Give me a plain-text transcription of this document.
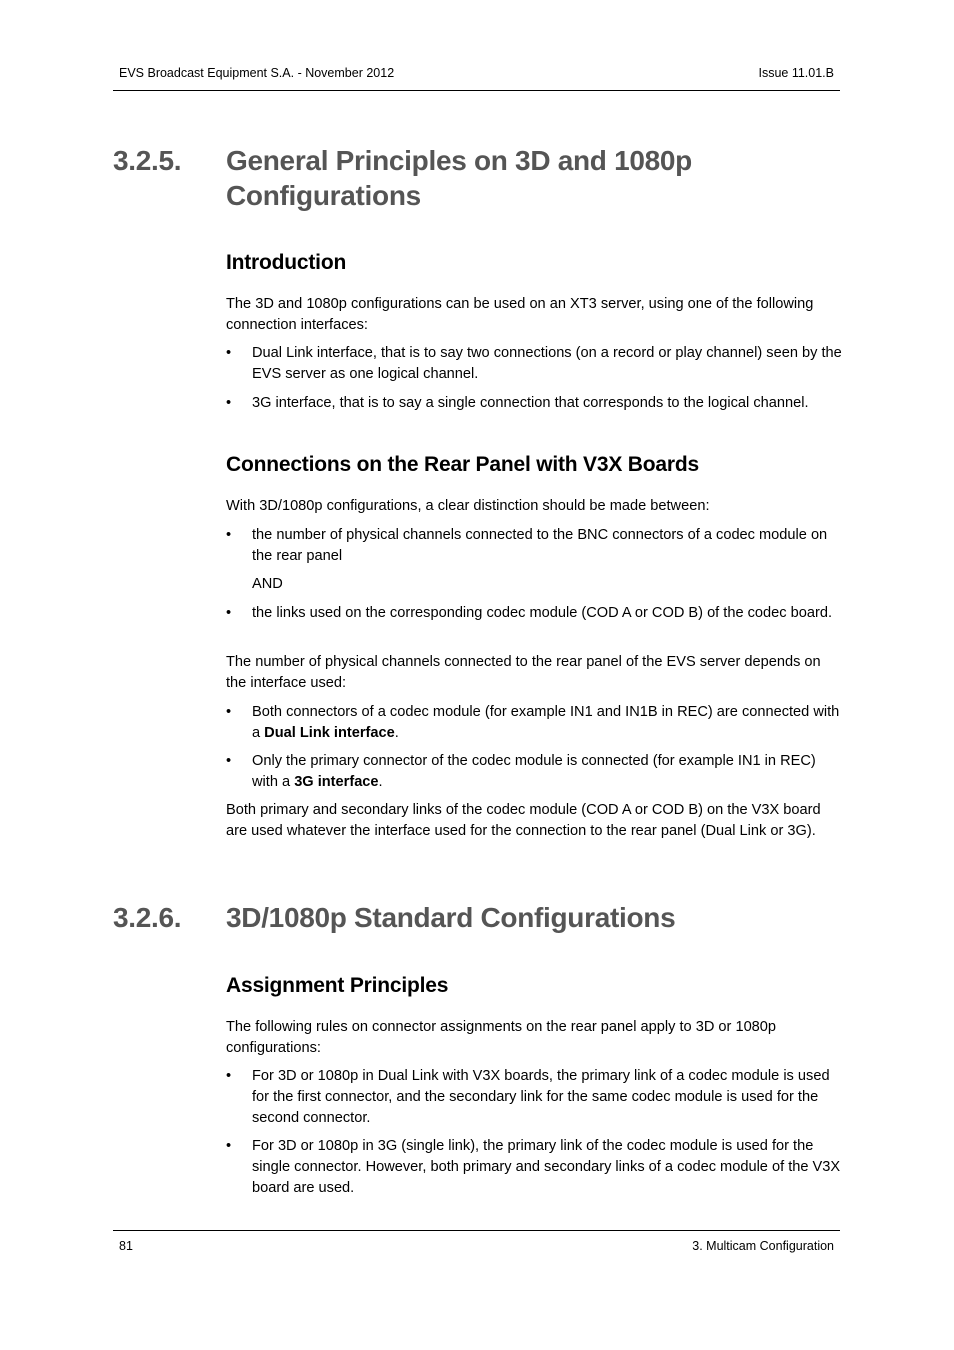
EVS Broadcast Equipment S.A. - November 2012	Issue 11.01.B
3.2.5. General Principles on 3D and 1080p Configurations
Introduction
The 3D and 1080p configurations can be used on an XT3 server, using one of the following connection interfaces:
• Dual Link interface, that is to say two connections (on a record or play channel) seen by the EVS server as one logical channel.
• 3G interface, that is to say a single connection that corresponds to the logical channel.
Connections on the Rear Panel with V3X Boards
With 3D/1080p configurations, a clear distinction should be made between:
• the number of physical channels connected to the BNC connectors of a codec module on the rear panel
AND
• the links used on the corresponding codec module (COD A or COD B) of the codec board.
The number of physical channels connected to the rear panel of the EVS server depends on the interface used:
• Both connectors of a codec module (for example IN1 and IN1B in REC) are connected with a Dual Link interface.
• Only the primary connector of the codec module is connected (for example IN1 in REC) with a 3G interface.
Both primary and secondary links of the codec module (COD A or COD B) on the V3X board are used whatever the interface used for the connection to the rear panel (Dual Link or 3G).
3.2.6. 3D/1080p Standard Configurations
Assignment Principles
The following rules on connector assignments on the rear panel apply to 3D or 1080p configurations:
• For 3D or 1080p in Dual Link with V3X boards, the primary link of a codec module is used for the first connector, and the secondary link for the same codec module is used for the second connector.
• For 3D or 1080p in 3G (single link), the primary link of the codec module is used for the single connector. However, both primary and secondary links of a codec module of the V3X board are used.
81	3. Multicam Configuration
